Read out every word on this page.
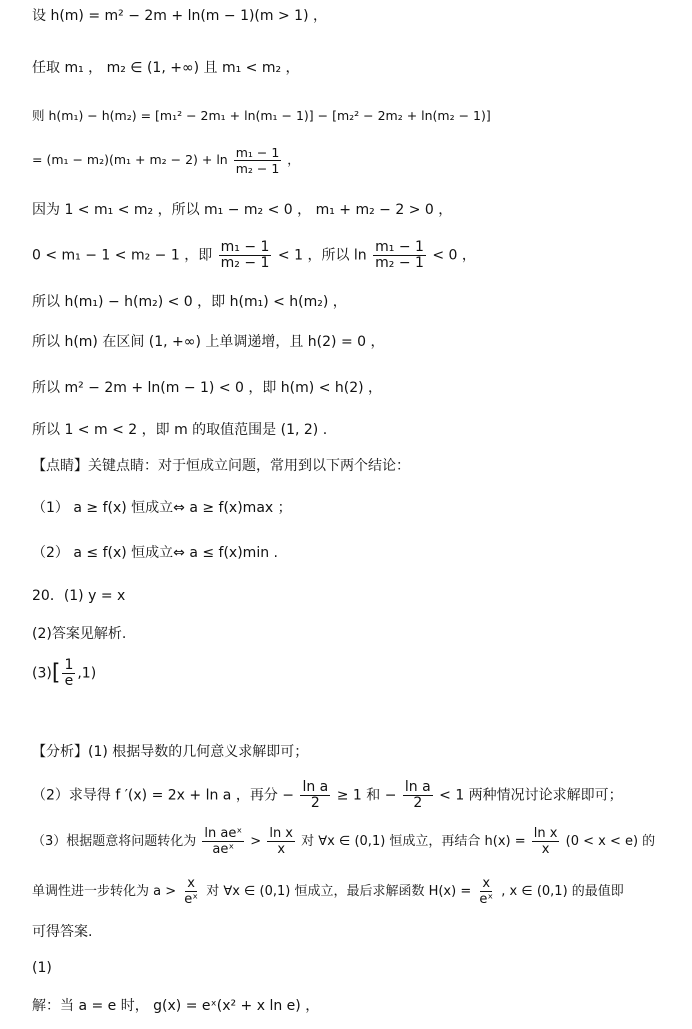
设 h(m) = m² − 2m + ln(m − 1)(m > 1) ，
任取 m₁ ， m₂ ∈ (1, +∞) 且 m₁ < m₂ ，
则 h(m₁) − h(m₂) = [m₁² − 2m₁ + ln(m₁ − 1)] − [m₂² − 2m₂ + ln(m₂ − 1)]
= $(m_1 - m_2)(m_1 + m_2 - 2) + \ln \frac{\text{m₁ − 1}}{\text{m₂ − 1}}$ ，
因为 1 < m₁ < m₂ ，所以 m₁ − m₂ < 0 ， m₁ + m₂ − 2 > 0 ，
0 < m₁ − 1 < m₂ − 1 ，即 $\frac{\text{m₁ − 1}}{\text{m₂ − 1}} < 1$ ，所以 $\ln \frac{\text{m₁ − 1}}{\text{m₂ − 1}} < 0$ ，
所以 h(m₁) − h(m₂) < 0 ，即 h(m₁) < h(m₂) ，
所以 h(m) 在区间 (1, +∞) 上单调递增，且 h(2) = 0 ，
所以 m² − 2m + ln(m − 1) < 0 ，即 h(m) < h(2) ，
所以 1 < m < 2 ，即 m 的取值范围是 (1, 2) .
【点睛】关键点睛：对于恒成立问题，常用到以下两个结论：
（1） a ≥ f(x) 恒成立⇔ a ≥ f(x)max ；
（2） a ≤ f(x) 恒成立⇔ a ≤ f(x)min .
20．(1) y = x
(2)答案见解析.
$(3)[ \frac{1}{e} ,1)$
【分析】(1) 根据导数的几何意义求解即可；
（2）求导得 f ′(x) = 2x + ln a ，再分 − $\frac{\text{ln a}}{2} \ge 1$ 和 − $\frac{\text{ln a}}{2} < 1$ 两种情况讨论求解即可；
（3）根据题意将问题转化为 $\frac{\text{ln aeˣ}}{\text{aeˣ}} > \frac{\text{ln x}}{x}$ 对 ∀x ∈ (0,1) 恒成立，再结合 $h(x) = \frac{\text{ln x}}{x} (0 < x < e)$ 的
单调性进一步转化为 $a > \frac{x}{\text{eˣ}}$ 对 ∀x ∈ (0,1) 恒成立，最后求解函数 $H(x) = \frac{x}{\text{eˣ}}$ , x ∈ (0,1) 的最值即
可得答案.
(1)
解：当 a = e 时， g(x) = eˣ(x² + x ln e) ，
